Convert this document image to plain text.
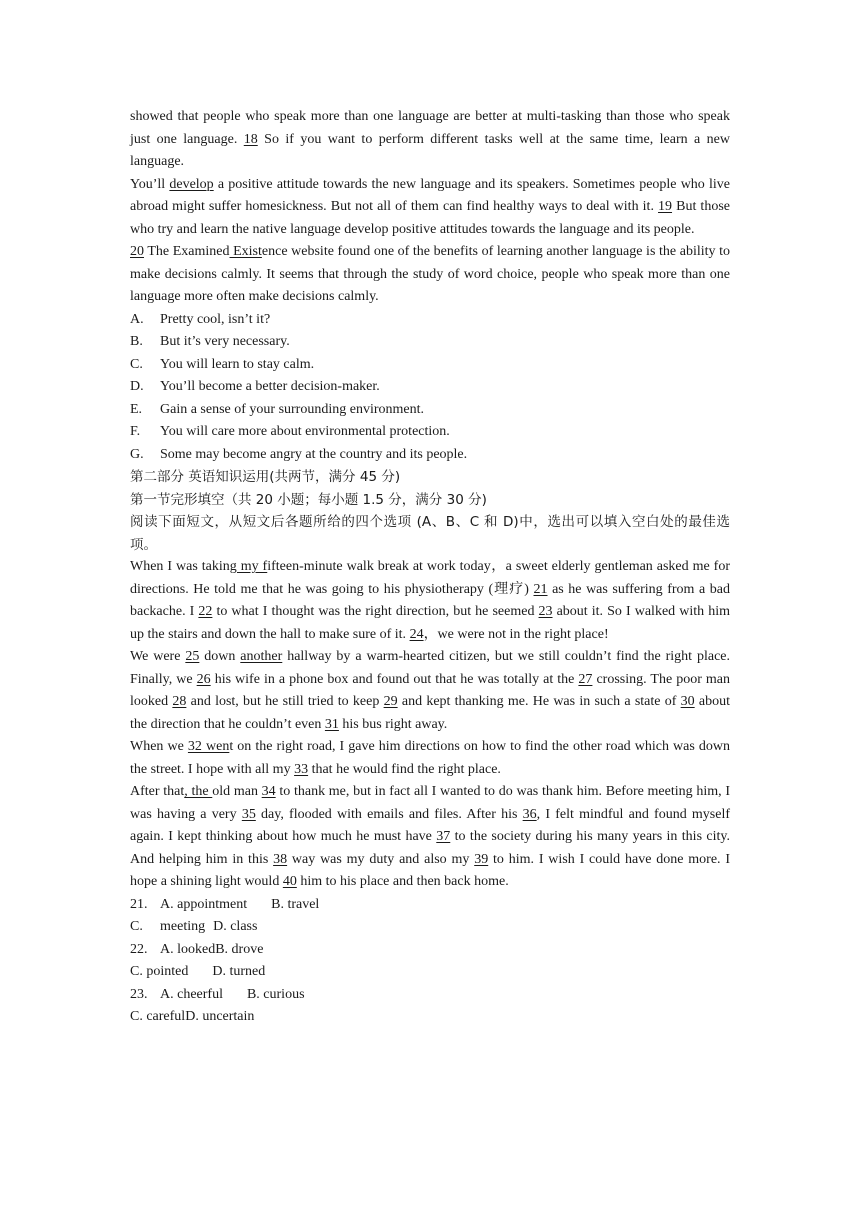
showed that people who speak more than one language are better at multi-tasking than those who speak just one language. 18 So if you want to perform different tasks well at the same time, learn a new language.

You’ll develop a positive attitude towards the new language and its speakers. Sometimes people who live abroad might suffer homesickness. But not all of them can find healthy ways to deal with it. 19 But those who try and learn the native language develop positive attitudes towards the language and its people.

20 The Examined Existence website found one of the benefits of learning another language is the ability to make decisions calmly. It seems that through the study of word choice, people who speak more than one language more often make decisions calmly.

A.	Pretty cool, isn’t it?
B.	But it’s very necessary.
C.	You will learn to stay calm.
D.	You’ll become a better decision-maker.
E.	Gain a sense of your surrounding environment.
F.	You will care more about environmental protection.
G.	Some may become angry at the country and its people.

第二部分 英语知识运用(共两节，满分 45 分)

第一节完形填空（共 20 小题；每小题 1.5 分，满分 30 分)

阅读下面短文，从短文后各题所给的四个选项 (A、B、C 和 D)中，选出可以填入空白处的最佳选项。

When I was taking my fifteen-minute walk break at work today，a sweet elderly gentleman asked me for directions. He told me that he was going to his physiotherapy (理疗) 21 as he was suffering from a bad backache. I 22 to what I thought was the right direction, but he seemed 23 about it. So I walked with him up the stairs and down the hall to make sure of it. 24，we were not in the right place!

We were 25 down another hallway by a warm-hearted citizen, but we still couldn’t find the right place. Finally, we 26 his wife in a phone box and found out that he was totally at the 27 crossing. The poor man looked 28 and lost, but he still tried to keep 29 and kept thanking me. He was in such a state of 30 about the direction that he couldn’t even 31 his bus right away.

When we 32 went on the right road, I gave him directions on how to find the other road which was down the street. I hope with all my 33 that he would find the right place.

After that, the old man 34 to thank me, but in fact all I wanted to do was thank him. Before meeting him, I was having a very 35 day, flooded with emails and files. After his 36, I felt mindful and found myself again. I kept thinking about how much he must have 37 to the society during his many years in this city. And helping him in this 38 way was my duty and also my 39 to him. I wish I could have done more. I hope a shining light would 40 him to his place and then back home.

21. A. appointment B. travel
C.	meeting D. class
22. A. looked B. drove
C. pointed D. turned
23. A. cheerful B. curious
C. careful D. uncertain
